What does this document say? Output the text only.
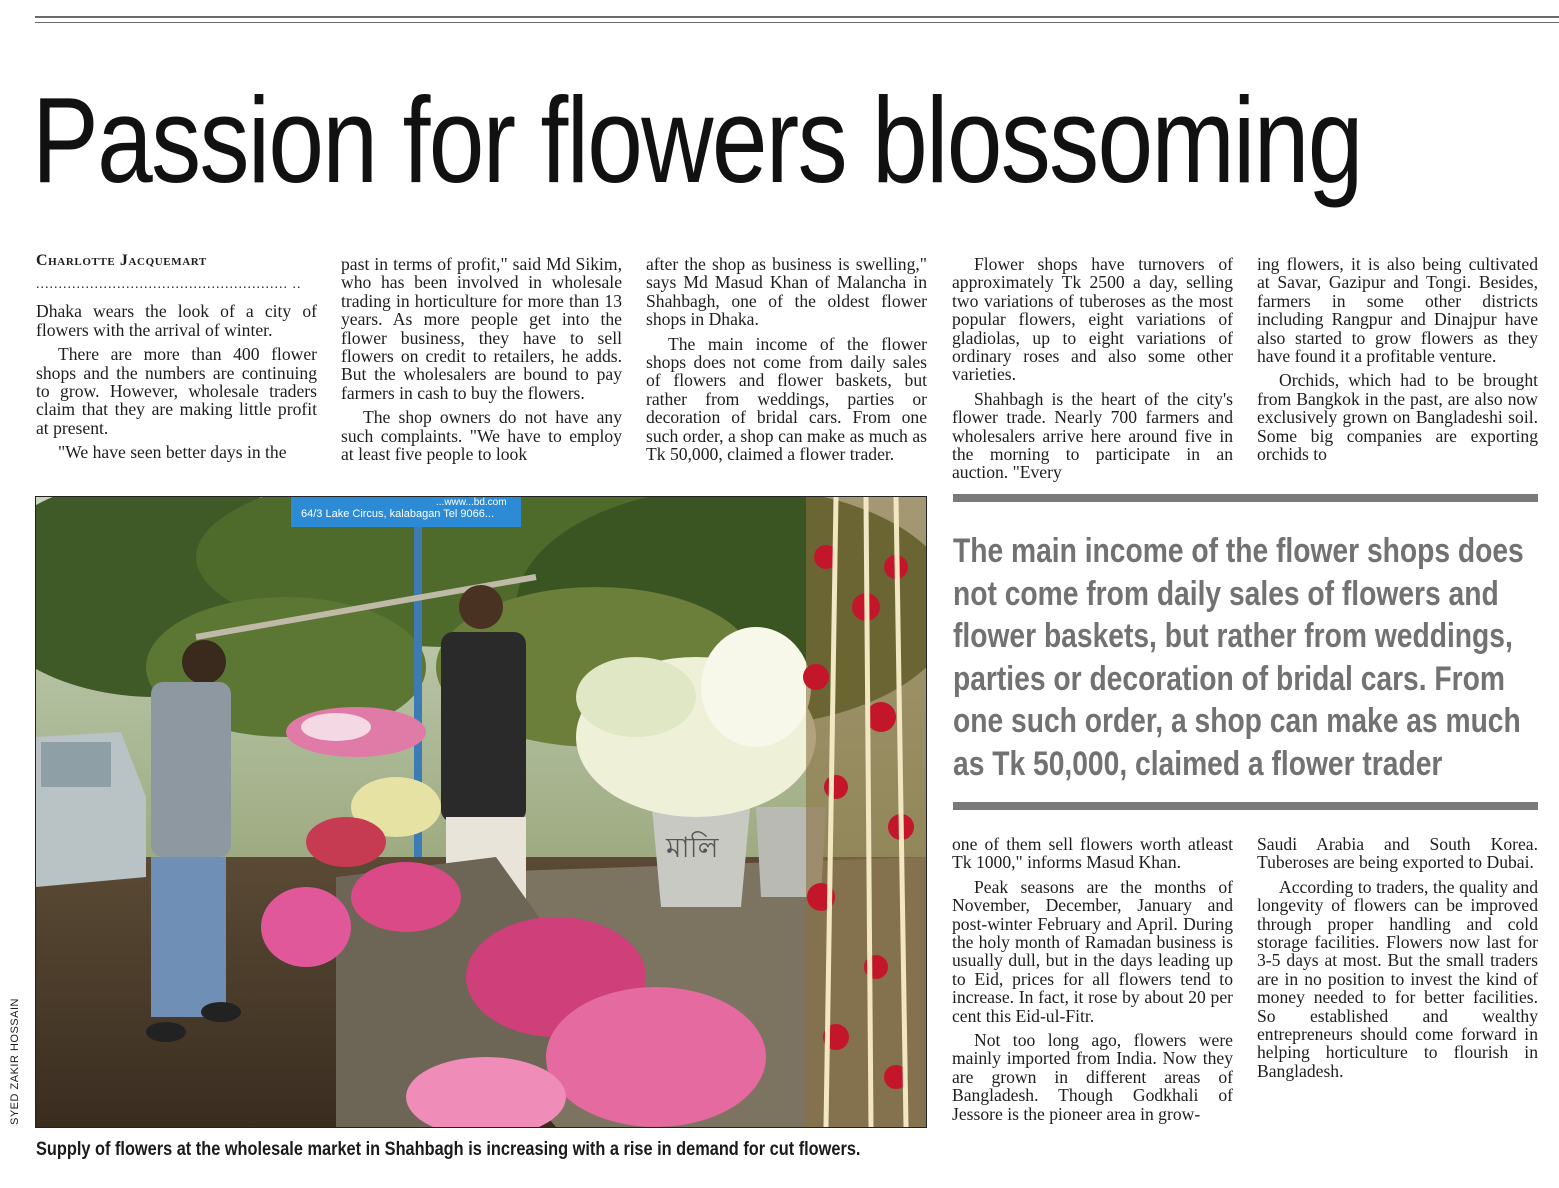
Passion for flowers blossoming
Charlotte Jacquemart
........................................................ ..

Dhaka wears the look of a city of flowers with the arrival of winter.

There are more than 400 flower shops and the numbers are continuing to grow. However, wholesale traders claim that they are making little profit at present.

"We have seen better days in the

past in terms of profit," said Md Sikim, who has been involved in wholesale trading in horticulture for more than 13 years. As more people get into the flower business, they have to sell flowers on credit to retailers, he adds. But the wholesalers are bound to pay farmers in cash to buy the flowers.

The shop owners do not have any such complaints. "We have to employ at least five people to look

after the shop as business is swelling," says Md Masud Khan of Malancha in Shahbagh, one of the oldest flower shops in Dhaka.

The main income of the flower shops does not come from daily sales of flowers and flower baskets, but rather from weddings, parties or decoration of bridal cars. From one such order, a shop can make as much as Tk 50,000, claimed a flower trader.

Flower shops have turnovers of approximately Tk 2500 a day, selling two variations of tuberoses as the most popular flowers, eight variations of gladiolas, up to eight variations of ordinary roses and also some other varieties.

Shahbagh is the heart of the city's flower trade. Nearly 700 farmers and wholesalers arrive here around five in the morning to participate in an auction. "Every

ing flowers, it is also being cultivated at Savar, Gazipur and Tongi. Besides, farmers in some other districts including Rangpur and Dinajpur have also started to grow flowers as they have found it a profitable venture.

Orchids, which had to be brought from Bangkok in the past, are also now exclusively grown on Bangladeshi soil. Some big companies are exporting orchids to

The main income of the flower shops does not come from daily sales of flowers and flower baskets, but rather from weddings, parties or decoration of bridal cars. From one such order, a shop can make as much as Tk 50,000, claimed a flower trader

one of them sell flowers worth atleast Tk 1000," informs Masud Khan.

Peak seasons are the months of November, December, January and post-winter February and April. During the holy month of Ramadan business is usually dull, but in the days leading up to Eid, prices for all flowers tend to increase. In fact, it rose by about 20 per cent this Eid-ul-Fitr.

Not too long ago, flowers were mainly imported from India. Now they are grown in different areas of Bangladesh. Though Godkhali of Jessore is the pioneer area in grow-

Saudi Arabia and South Korea. Tuberoses are being exported to Dubai.

According to traders, the quality and longevity of flowers can be improved through proper handling and cold storage facilities. Flowers now last for 3-5 days at most. But the small traders are in no position to invest the kind of money needed to for better facilities. So established and wealthy entrepreneurs should come forward in helping horticulture to flourish in Bangladesh.

64/3 Lake Circus, kalabagan Tel 9066...
...www...bd.com
মালি
SYED ZAKIR HOSSAIN
Supply of flowers at the wholesale market in Shahbagh is increasing with a rise in demand for cut flowers.
